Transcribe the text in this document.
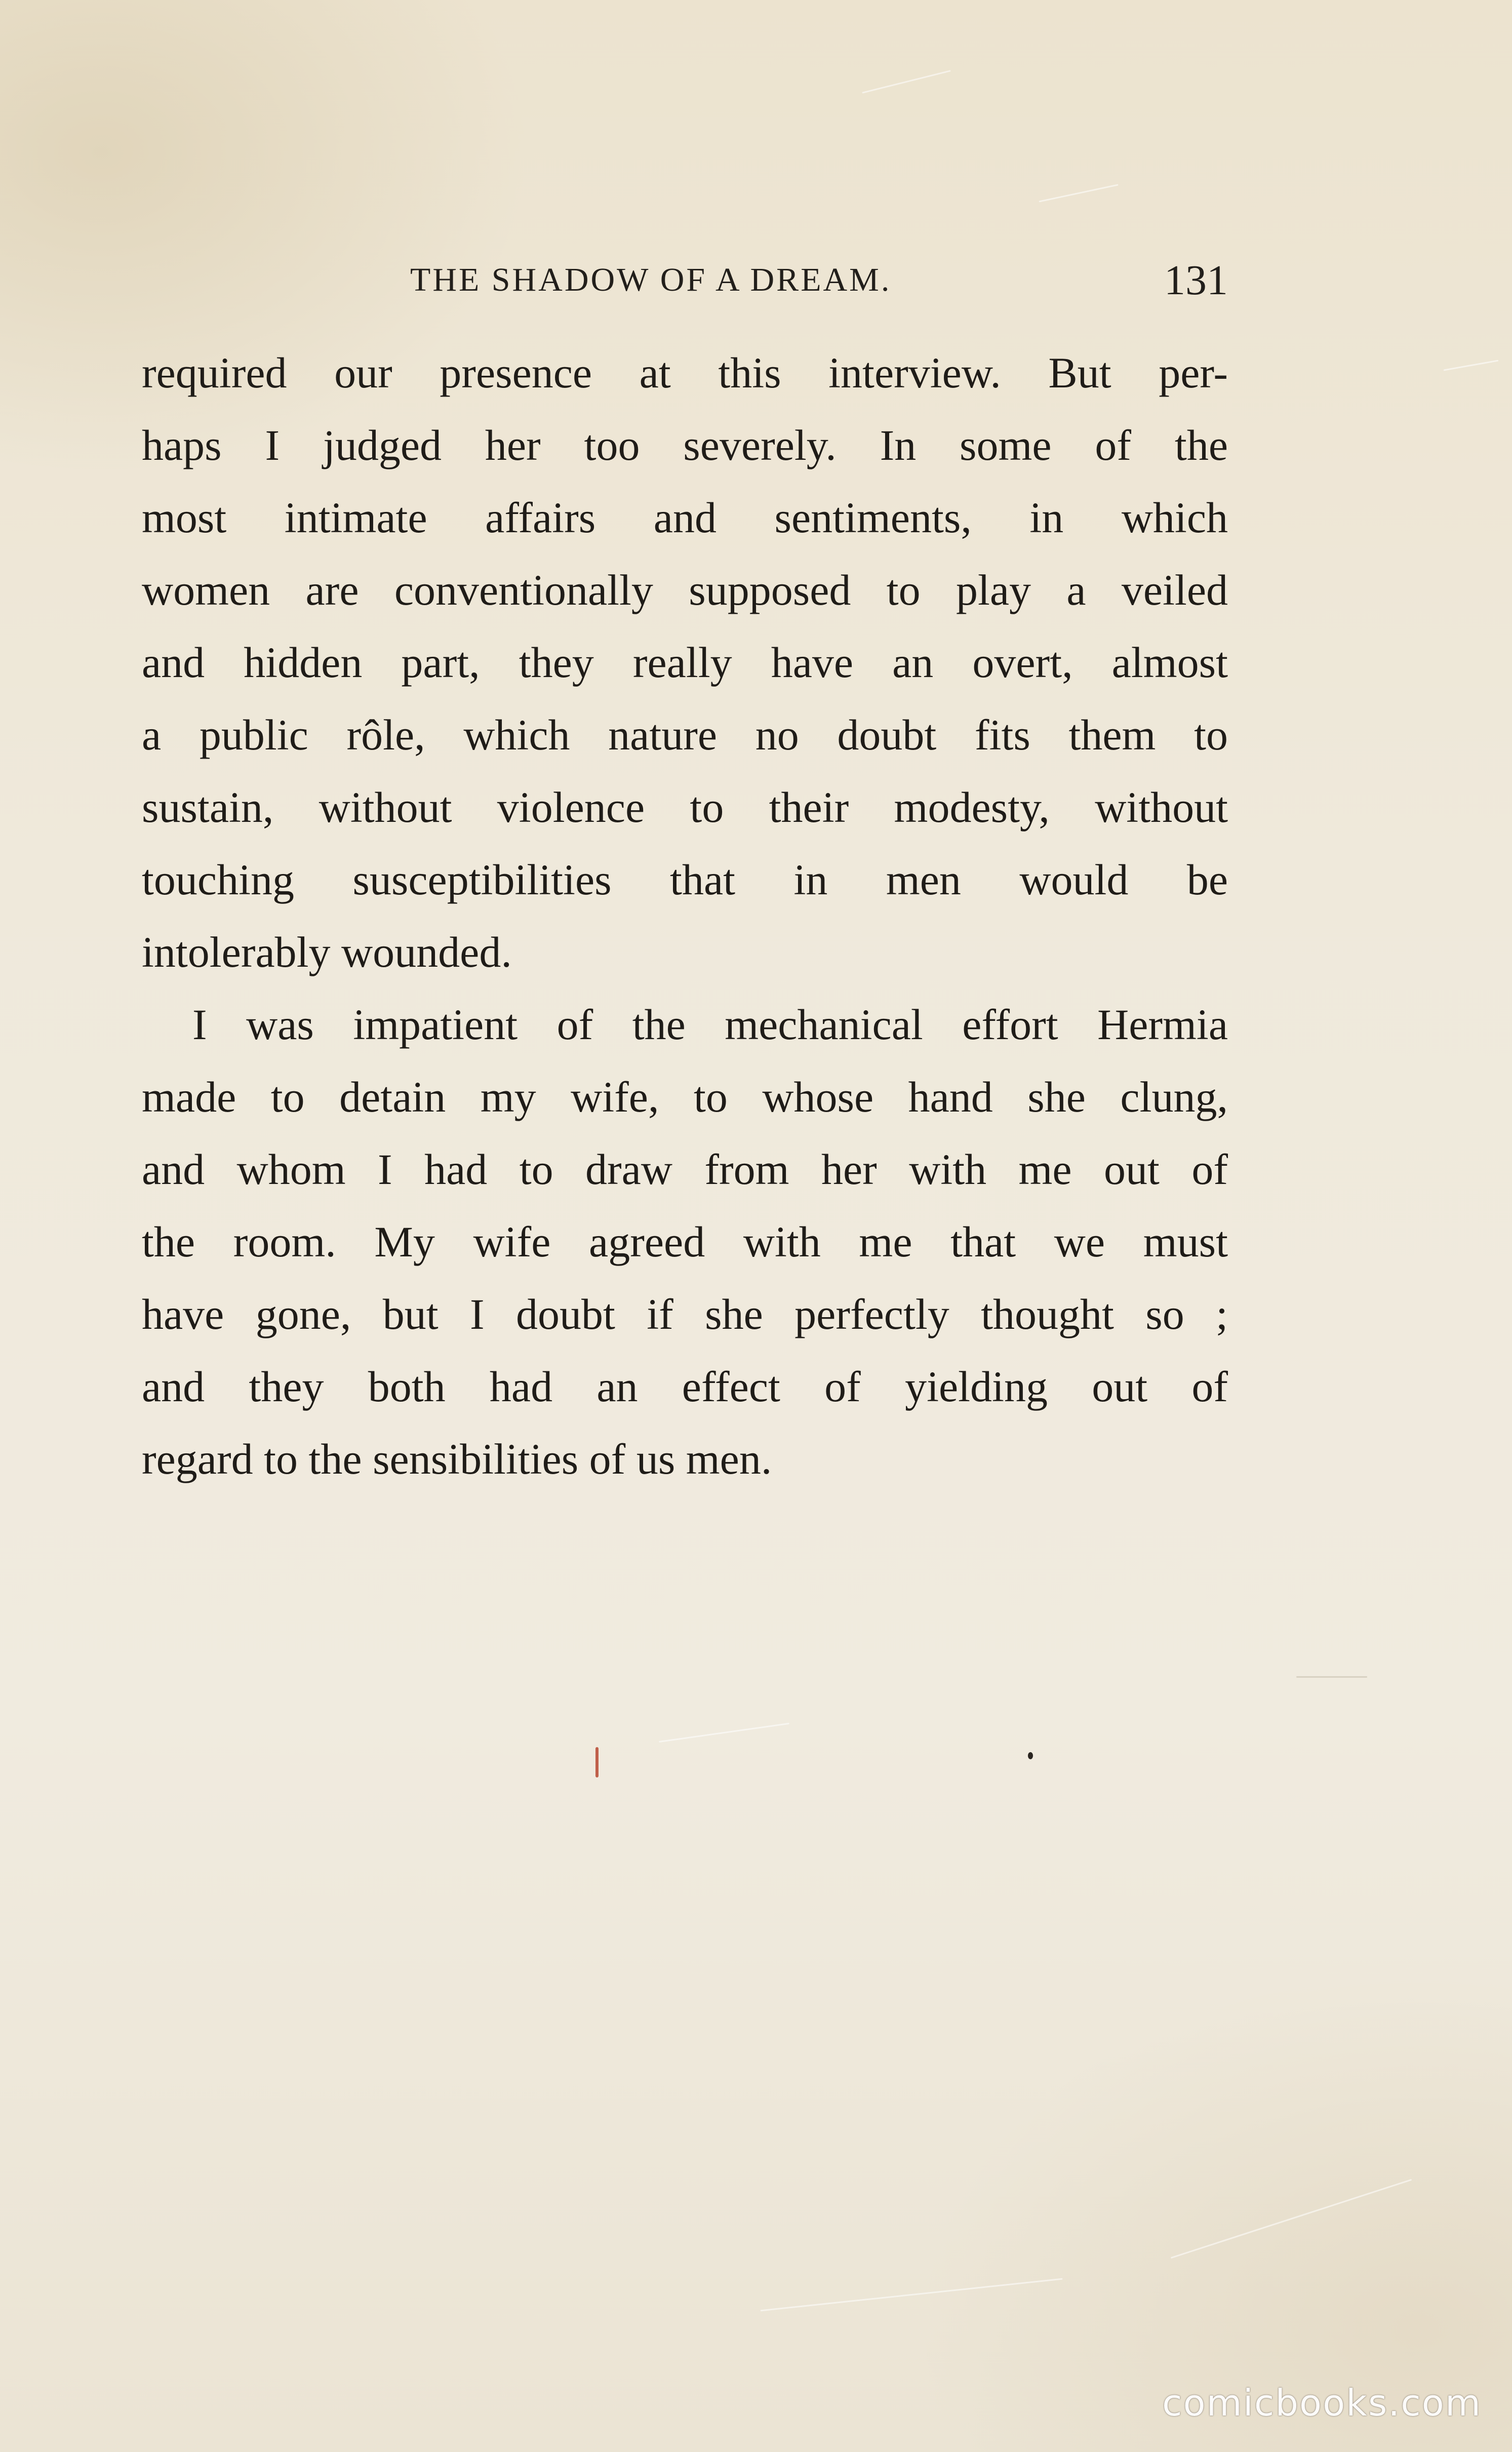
THE SHADOW OF A DREAM.	131
required our presence at this interview. But per-
haps I judged her too severely. In some of the
most intimate affairs and sentiments, in which
women are conventionally supposed to play a veiled
and hidden part, they really have an overt, almost
a public rôle, which nature no doubt fits them to
sustain, without violence to their modesty, without
touching susceptibilities that in men would be
intolerably wounded.
I was impatient of the mechanical effort Hermia
made to detain my wife, to whose hand she clung,
and whom I had to draw from her with me out of
the room. My wife agreed with me that we must
have gone, but I doubt if she perfectly thought so ;
and they both had an effect of yielding out of
regard to the sensibilities of us men.
comicbooks.com
